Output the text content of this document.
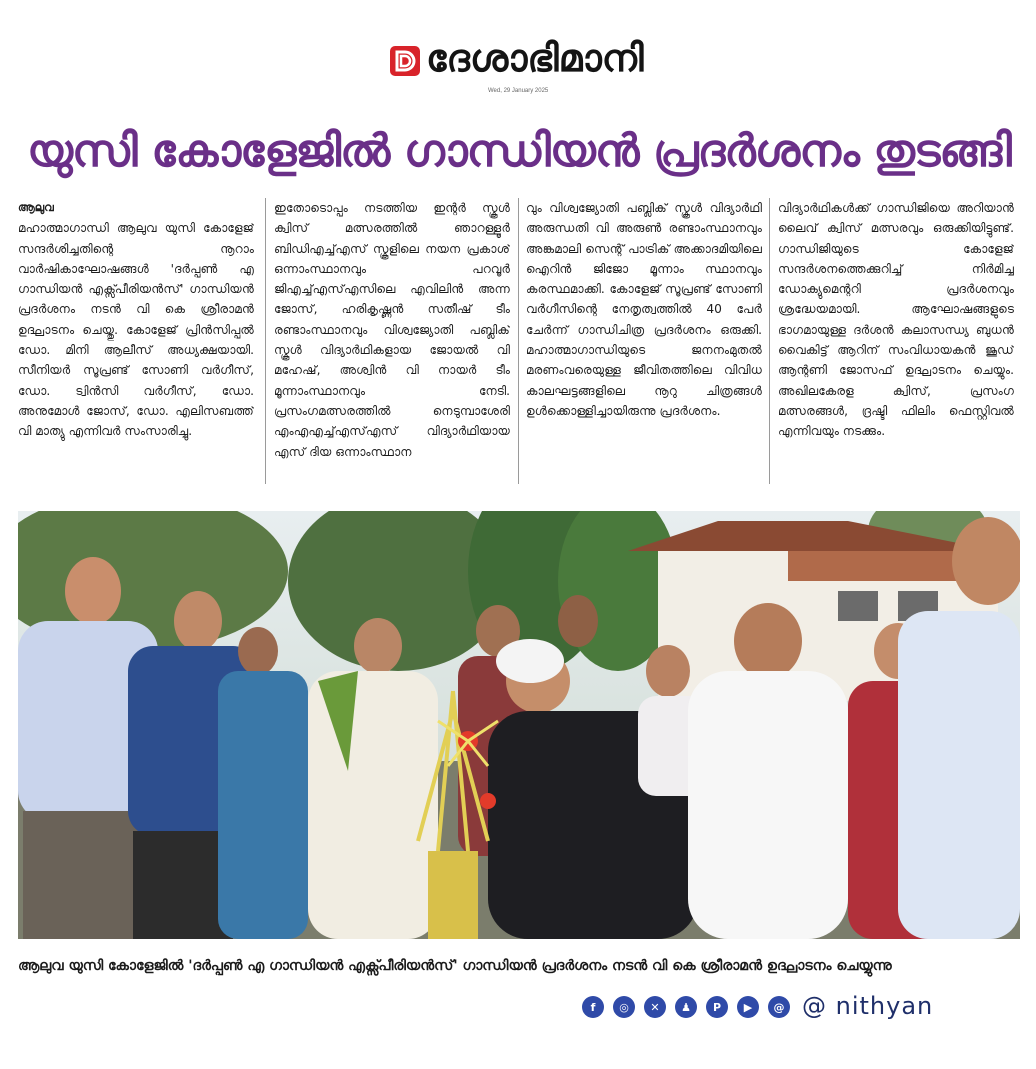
ദേശാഭിമാനി
Wed, 29 January 2025
യുസി കോളേജിൽ ഗാന്ധിയൻ പ്രദർശനം തുടങ്ങി
ആലുവ
മഹാത്മാഗാന്ധി ആലുവ യുസി കോളേജ് സന്ദർശിച്ചതിന്റെ നൂറാം വാർഷികാഘോഷങ്ങൾ 'ദർപ്പൺ എ ഗാന്ധിയൻ എക്സ്പീരിയൻസ്' ഗാന്ധിയൻ പ്രദർശനം നടൻ വി കെ ശ്രീരാമൻ ഉദ്ഘാടനം ചെയ്തു. കോളേജ് പ്രിൻസിപ്പൽ ഡോ. മിനി ആലീസ് അധ്യക്ഷയായി. സീനിയർ സൂപ്രണ്ട് സോണി വർഗീസ്, ഡോ. ട്വിൻസി വർഗീസ്, ഡോ. അനുമോൾ ജോസ്, ഡോ. എലിസബത്ത് വി മാത്യു എന്നിവർ സംസാരിച്ചു.
ഇതോടൊപ്പം നടത്തിയ ഇന്റർ സ്കൂൾ ക്വിസ് മത്സരത്തിൽ ഞാറള്ളൂർ ബിഡിഎച്ച്എസ് സ്കൂളിലെ നയന പ്രകാശ് ഒന്നാംസ്ഥാനവും പറവൂർ ജിഎച്ച്എസ്എസിലെ എവിലിൻ അന്ന ജോസ്, ഹരികൃഷ്ണൻ സതീഷ് ടീം രണ്ടാംസ്ഥാനവും വിശ്വജ്യോതി പബ്ലിക് സ്കൂൾ വിദ്യാർഥികളായ ജോയൽ വി മഹേഷ്, അശ്വിൻ വി നായർ ടീം മൂന്നാംസ്ഥാനവും നേടി. പ്രസംഗമത്സരത്തിൽ നെടുമ്പാശേരി എംഎഎച്ച്എസ്എസ് വിദ്യാർഥിയായ എസ് ദിയ ഒന്നാംസ്ഥാന
വും വിശ്വജ്യോതി പബ്ലിക് സ്കൂൾ വിദ്യാർഥി അരുന്ധതി വി അരുൺ രണ്ടാംസ്ഥാനവും അങ്കമാലി സെന്റ് പാട്രിക് അക്കാദമിയിലെ ഐറിൻ ജിജോ മൂന്നാം സ്ഥാനവും കരസ്ഥമാക്കി. കോളേജ് സൂപ്രണ്ട് സോണി വർഗീസിന്റെ നേതൃത്വത്തിൽ 40 പേർ ചേർന്ന് ഗാന്ധിചിത്ര പ്രദർശനം ഒരുക്കി. മഹാത്മാഗാന്ധിയുടെ ജനനംമുതൽ മരണംവരെയുള്ള ജീവിതത്തിലെ വിവിധ കാലഘട്ടങ്ങളിലെ നൂറു ചിത്രങ്ങൾ ഉൾക്കൊള്ളിച്ചായിരുന്നു പ്രദർശനം.
വിദ്യാർഥികൾക്ക് ഗാന്ധിജിയെ അറിയാൻ ലൈവ് ക്വിസ് മത്സരവും ഒരുക്കിയിട്ടുണ്ട്. ഗാന്ധിജിയുടെ കോളേജ് സന്ദർശനത്തെക്കുറിച്ച് നിർമിച്ച ഡോക്യുമെന്ററി പ്രദർശനവും ശ്രദ്ധേയമായി. ആഘോഷങ്ങളുടെ ഭാഗമായുള്ള ദർശൻ കലാസന്ധ്യ ബുധൻ വൈകിട്ട് ആറിന് സംവിധായകൻ ജൂഡ് ആന്റണി ജോസഫ് ഉദ്ഘാടനം ചെയ്യും. അഖിലകേരള ക്വിസ്, പ്രസംഗ മത്സരങ്ങൾ, ദ്രഷ്ടി ഫിലിം ഫെസ്റ്റിവൽ എന്നിവയും നടക്കും.
ആലുവ യുസി കോളേജിൽ 'ദർപ്പൺ എ ഗാന്ധിയൻ എക്സ്പീരിയൻസ്' ഗാന്ധിയൻ പ്രദർശനം നടൻ വി കെ ശ്രീരാമൻ ഉദ്ഘാടനം ചെയ്യുന്നു
f	◎	✕	♟	P	▶	@ @ nithyan
